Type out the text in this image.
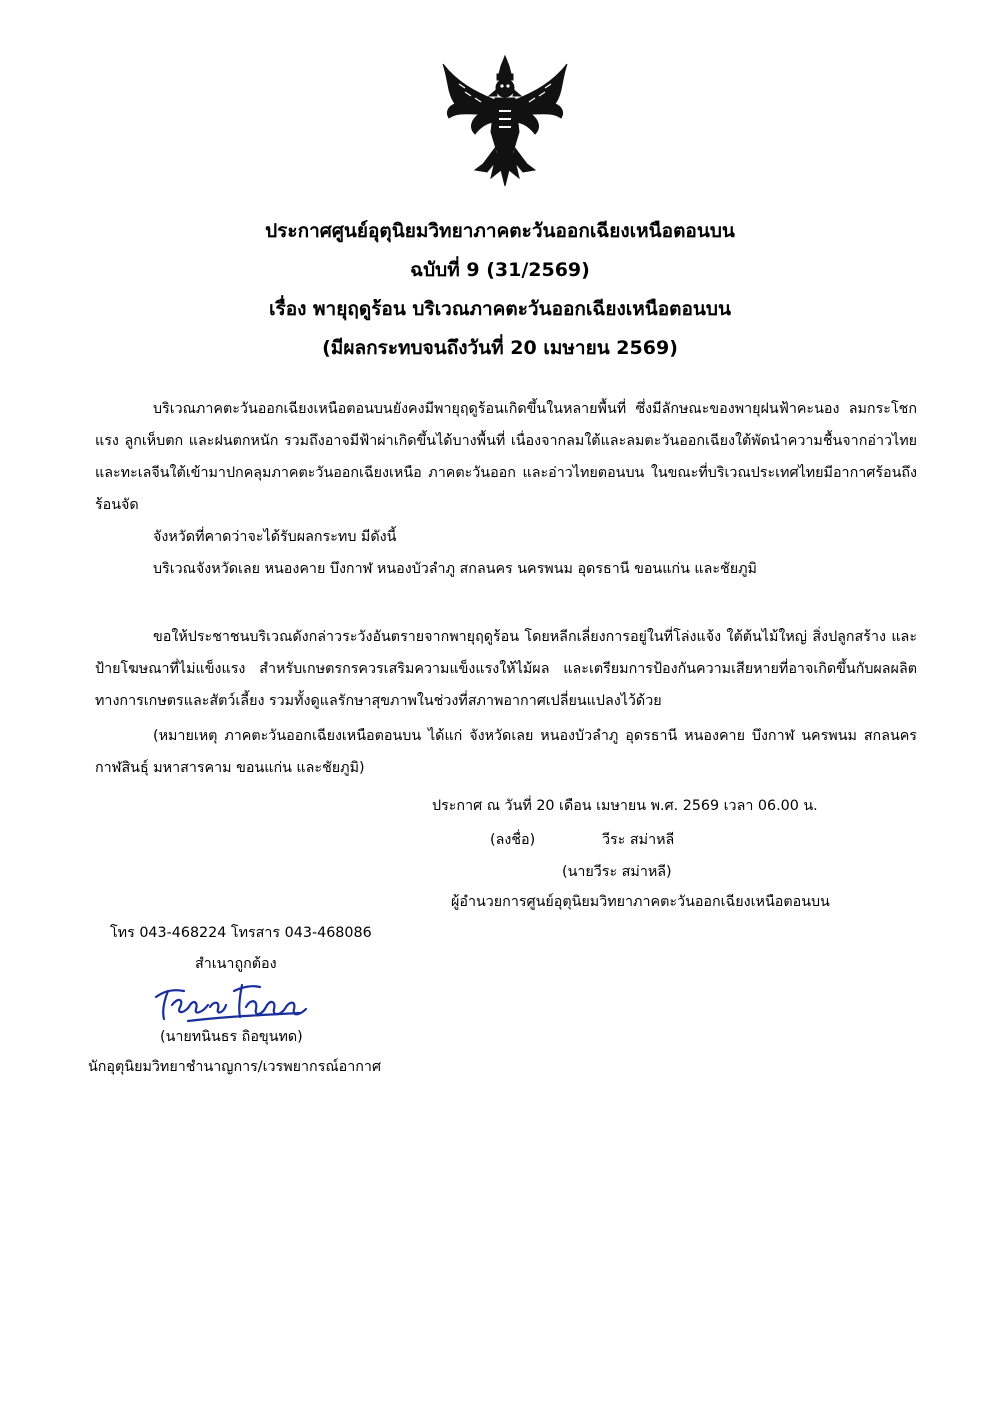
ประกาศศูนย์อุตุนิยมวิทยาภาคตะวันออกเฉียงเหนือตอนบน
ฉบับที่ 9 (31/2569)
เรื่อง พายุฤดูร้อน บริเวณภาคตะวันออกเฉียงเหนือตอนบน
(มีผลกระทบจนถึงวันที่ 20 เมษายน 2569)

บริเวณภาคตะวันออกเฉียงเหนือตอนบนยังคงมีพายุฤดูร้อนเกิดขึ้นในหลายพื้นที่ ซึ่งมีลักษณะของพายุฝนฟ้าคะนอง ลมกระโชกแรง ลูกเห็บตก และฝนตกหนัก รวมถึงอาจมีฟ้าผ่าเกิดขึ้นได้บางพื้นที่ เนื่องจากลมใต้และลมตะวันออกเฉียงใต้พัดนำความชื้นจากอ่าวไทยและทะเลจีนใต้เข้ามาปกคลุมภาคตะวันออกเฉียงเหนือ ภาคตะวันออก และอ่าวไทยตอนบน ในขณะที่บริเวณประเทศไทยมีอากาศร้อนถึงร้อนจัด

จังหวัดที่คาดว่าจะได้รับผลกระทบ มีดังนี้

บริเวณจังหวัดเลย หนองคาย บึงกาฬ หนองบัวลำภู สกลนคร นครพนม อุดรธานี ขอนแก่น และชัยภูมิ

ขอให้ประชาชนบริเวณดังกล่าวระวังอันตรายจากพายุฤดูร้อน โดยหลีกเลี่ยงการอยู่ในที่โล่งแจ้ง ใต้ต้นไม้ใหญ่ สิ่งปลูกสร้าง และป้ายโฆษณาที่ไม่แข็งแรง สำหรับเกษตรกรควรเสริมความแข็งแรงให้ไม้ผล และเตรียมการป้องกันความเสียหายที่อาจเกิดขึ้นกับผลผลิตทางการเกษตรและสัตว์เลี้ยง รวมทั้งดูแลรักษาสุขภาพในช่วงที่สภาพอากาศเปลี่ยนแปลงไว้ด้วย

(หมายเหตุ ภาคตะวันออกเฉียงเหนือตอนบน ได้แก่ จังหวัดเลย หนองบัวลำภู อุดรธานี หนองคาย บึงกาฬ นครพนม สกลนคร กาฬสินธุ์ มหาสารคาม ขอนแก่น และชัยภูมิ)

ประกาศ ณ วันที่ 20 เดือน เมษายน พ.ศ. 2569 เวลา 06.00 น.
(ลงชื่อ)	วีระ สม่าหลี
(นายวีระ สม่าหลี)
ผู้อำนวยการศูนย์อุตุนิยมวิทยาภาคตะวันออกเฉียงเหนือตอนบน
โทร 043-468224 โทรสาร 043-468086
สำเนาถูกต้อง
(นายทนินธร ถิอขุนทด)
นักอุตุนิยมวิทยาชำนาญการ/เวรพยากรณ์อากาศ
